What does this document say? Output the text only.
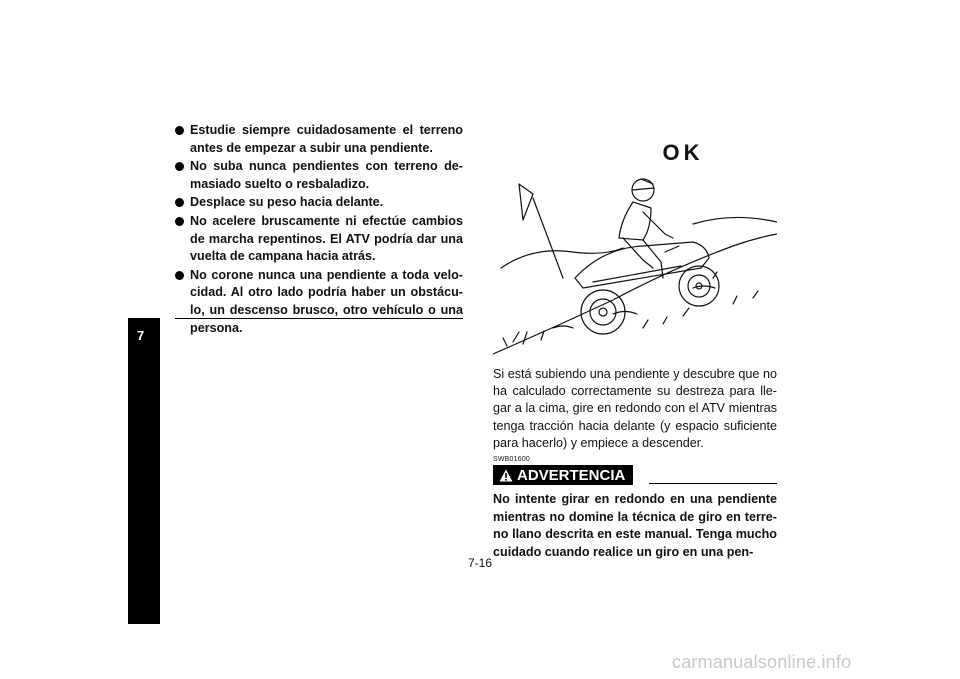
7
Estudie siempre cuidadosamente el terreno antes de empezar a subir una pendiente.
No suba nunca pendientes con terreno de-masiado suelto o resbaladizo.
Desplace su peso hacia delante.
No acelere bruscamente ni efectúe cambios de marcha repentinos. El ATV podría dar una vuelta de campana hacia atrás.
No corone nunca una pendiente a toda velo-cidad. Al otro lado podría haber un obstácu-lo, un descenso brusco, otro vehículo o una persona.
OK

Si está subiendo una pendiente y descubre que no ha calculado correctamente su destreza para lle-gar a la cima, gire en redondo con el ATV mientras tenga tracción hacia delante (y espacio suficiente para hacerlo) y empiece a descender.

SWB01600
ADVERTENCIA

No intente girar en redondo en una pendiente mientras no domine la técnica de giro en terre-no llano descrita en este manual. Tenga mucho cuidado cuando realice un giro en una pen-

7-16
carmanualsonline.info
